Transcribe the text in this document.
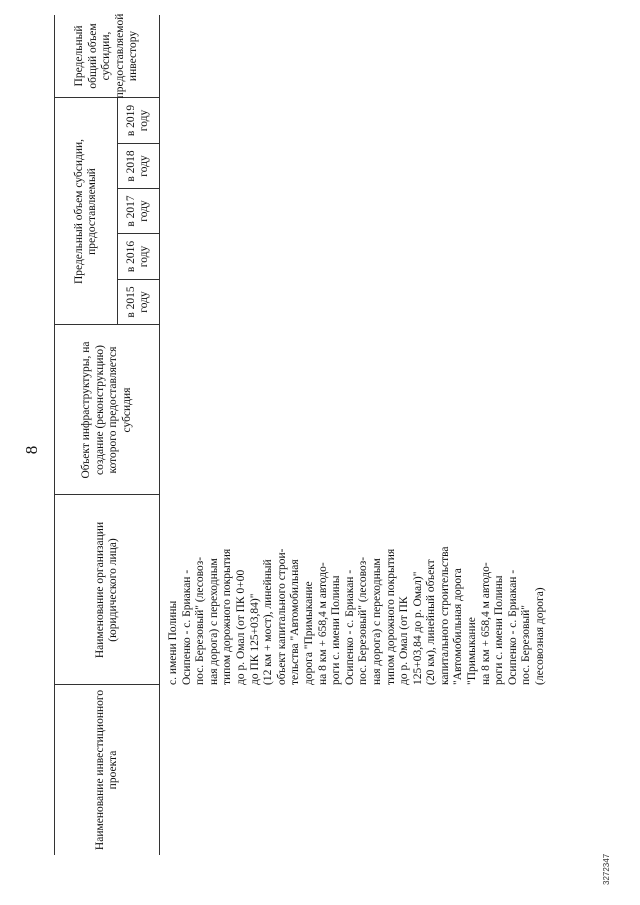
8
Наименование инвестиционного проекта
Наименование организации (юридического лица)
Объект инфраструктуры, на создание (реконструкцию) которого предоставляется субсидия
Предельный объем субсидии, предоставляемый
в 2015 году
в 2016 году
в 2017 году
в 2018 году
в 2019 году
Предельный общий объем субсидии, предоставляемой инвестору
с. имени Полины
Осипенко - с. Бриакан -
пос. Березовый" (лесовоз-
ная дорога) с переходным
типом дорожного покрытия
до р. Омал (от ПК 0+00
до ПК 125+03,84)"
(12 км + мост), линейный
объект капитального строи-
тельства "Автомобильная
дорога "Примыкание
на 8 км + 658,4 м автодо-
роги с. имени Полины
Осипенко - с. Бриакан -
пос. Березовый" (лесовоз-
ная дорога) с переходным
типом дорожного покрытия
до р. Омал (от ПК
125+03,84 до р. Омал)"
(20 км), линейный объект
капитального строительства
"Автомобильная дорога
"Примыкание
на 8 км + 658,4 м автодо-
роги с. имени Полины
Осипенко - с. Бриакан -
пос. Березовый"
(лесовозная дорога)
3272347
